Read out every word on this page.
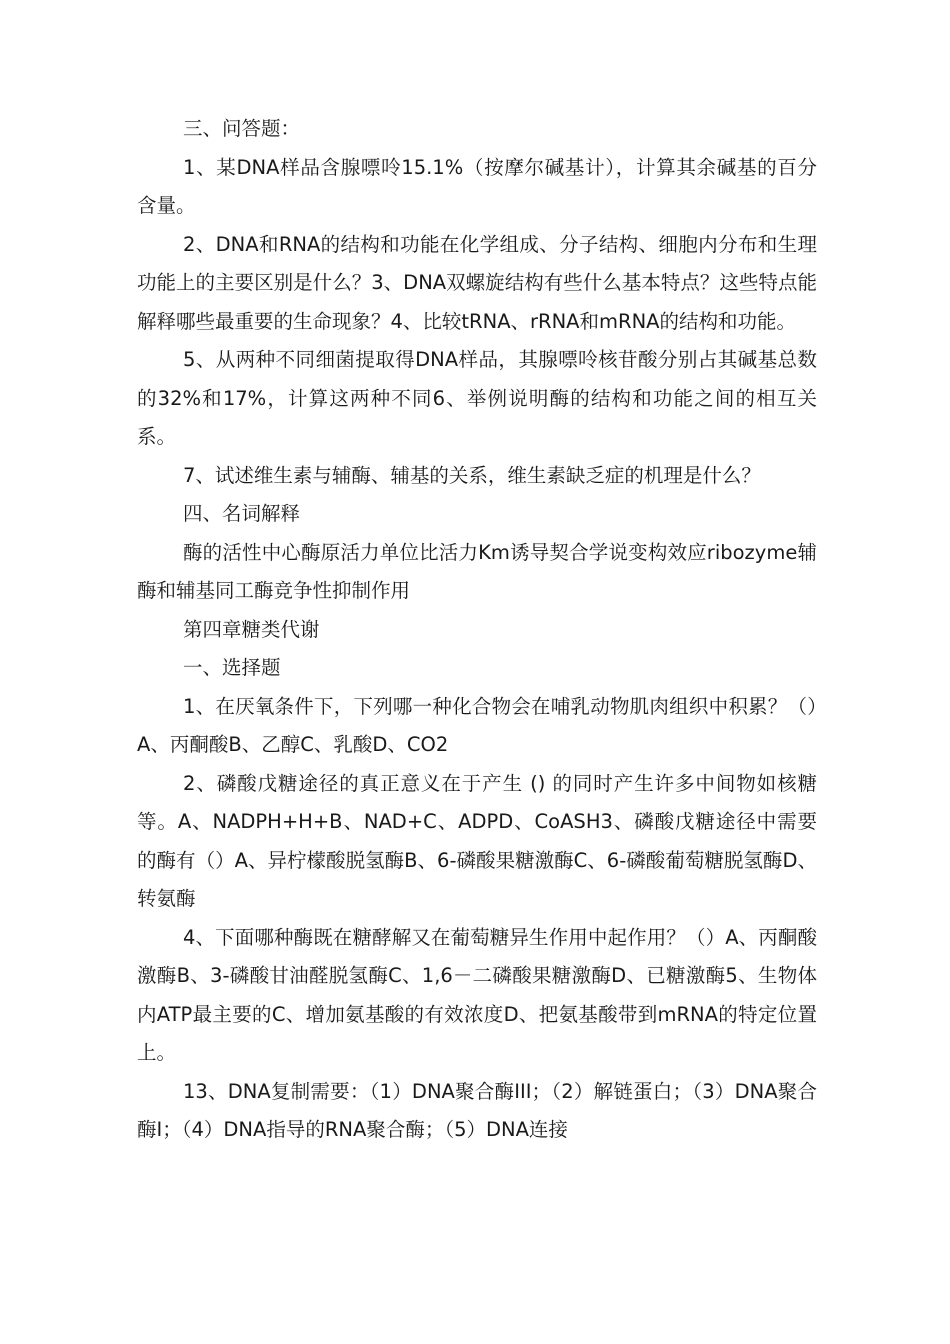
三、问答题：

1、某DNA样品含腺嘌呤15.1%（按摩尔碱基计），计算其余碱基的百分含量。

2、DNA和RNA的结构和功能在化学组成、分子结构、细胞内分布和生理功能上的主要区别是什么？3、DNA双螺旋结构有些什么基本特点？这些特点能解释哪些最重要的生命现象？4、比较tRNA、rRNA和mRNA的结构和功能。

5、从两种不同细菌提取得DNA样品，其腺嘌呤核苷酸分别占其碱基总数的32%和17%，计算这两种不同6、举例说明酶的结构和功能之间的相互关系。

7、试述维生素与辅酶、辅基的关系，维生素缺乏症的机理是什么？

四、名词解释

酶的活性中心酶原活力单位比活力Km诱导契合学说变构效应ribozyme辅酶和辅基同工酶竞争性抑制作用

第四章糖类代谢

一、选择题

1、在厌氧条件下，下列哪一种化合物会在哺乳动物肌肉组织中积累？（）A、丙酮酸B、乙醇C、乳酸D、CO2

2、磷酸戊糖途径的真正意义在于产生 () 的同时产生许多中间物如核糖等。A、NADPH+H+B、NAD+C、ADPD、CoASH3、磷酸戊糖途径中需要的酶有（）A、异柠檬酸脱氢酶B、6-磷酸果糖激酶C、6-磷酸葡萄糖脱氢酶D、转氨酶

4、下面哪种酶既在糖酵解又在葡萄糖异生作用中起作用？（）A、丙酮酸激酶B、3-磷酸甘油醛脱氢酶C、1,6－二磷酸果糖激酶D、已糖激酶5、生物体内ATP最主要的C、增加氨基酸的有效浓度D、把氨基酸带到mRNA的特定位置上。

13、DNA复制需要：（1）DNA聚合酶III；（2）解链蛋白；（3）DNA聚合酶Ⅰ；（4）DNA指导的RNA聚合酶；（5）DNA连接
